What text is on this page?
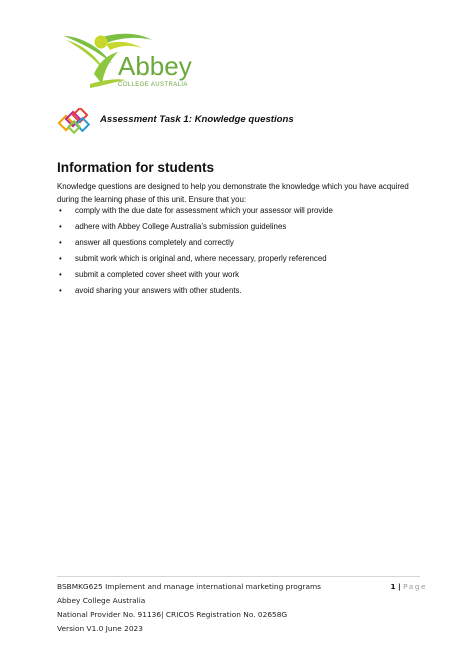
Abbey
COLLEGE AUSTRALIA
Assessment Task 1: Knowledge questions
Information for students
Knowledge questions are designed to help you demonstrate the knowledge which you have acquired during the learning phase of this unit. Ensure that you:
• comply with the due date for assessment which your assessor will provide
• adhere with Abbey College Australia’s submission guidelines
• answer all questions completely and correctly
• submit work which is original and, where necessary, properly referenced
• submit a completed cover sheet with your work
• avoid sharing your answers with other students.
BSBMKG625 Implement and manage international marketing programs
Abbey College Australia
National Provider No. 91136| CRICOS Registration No. 02658G
Version V1.0 June 2023
1 | Page
